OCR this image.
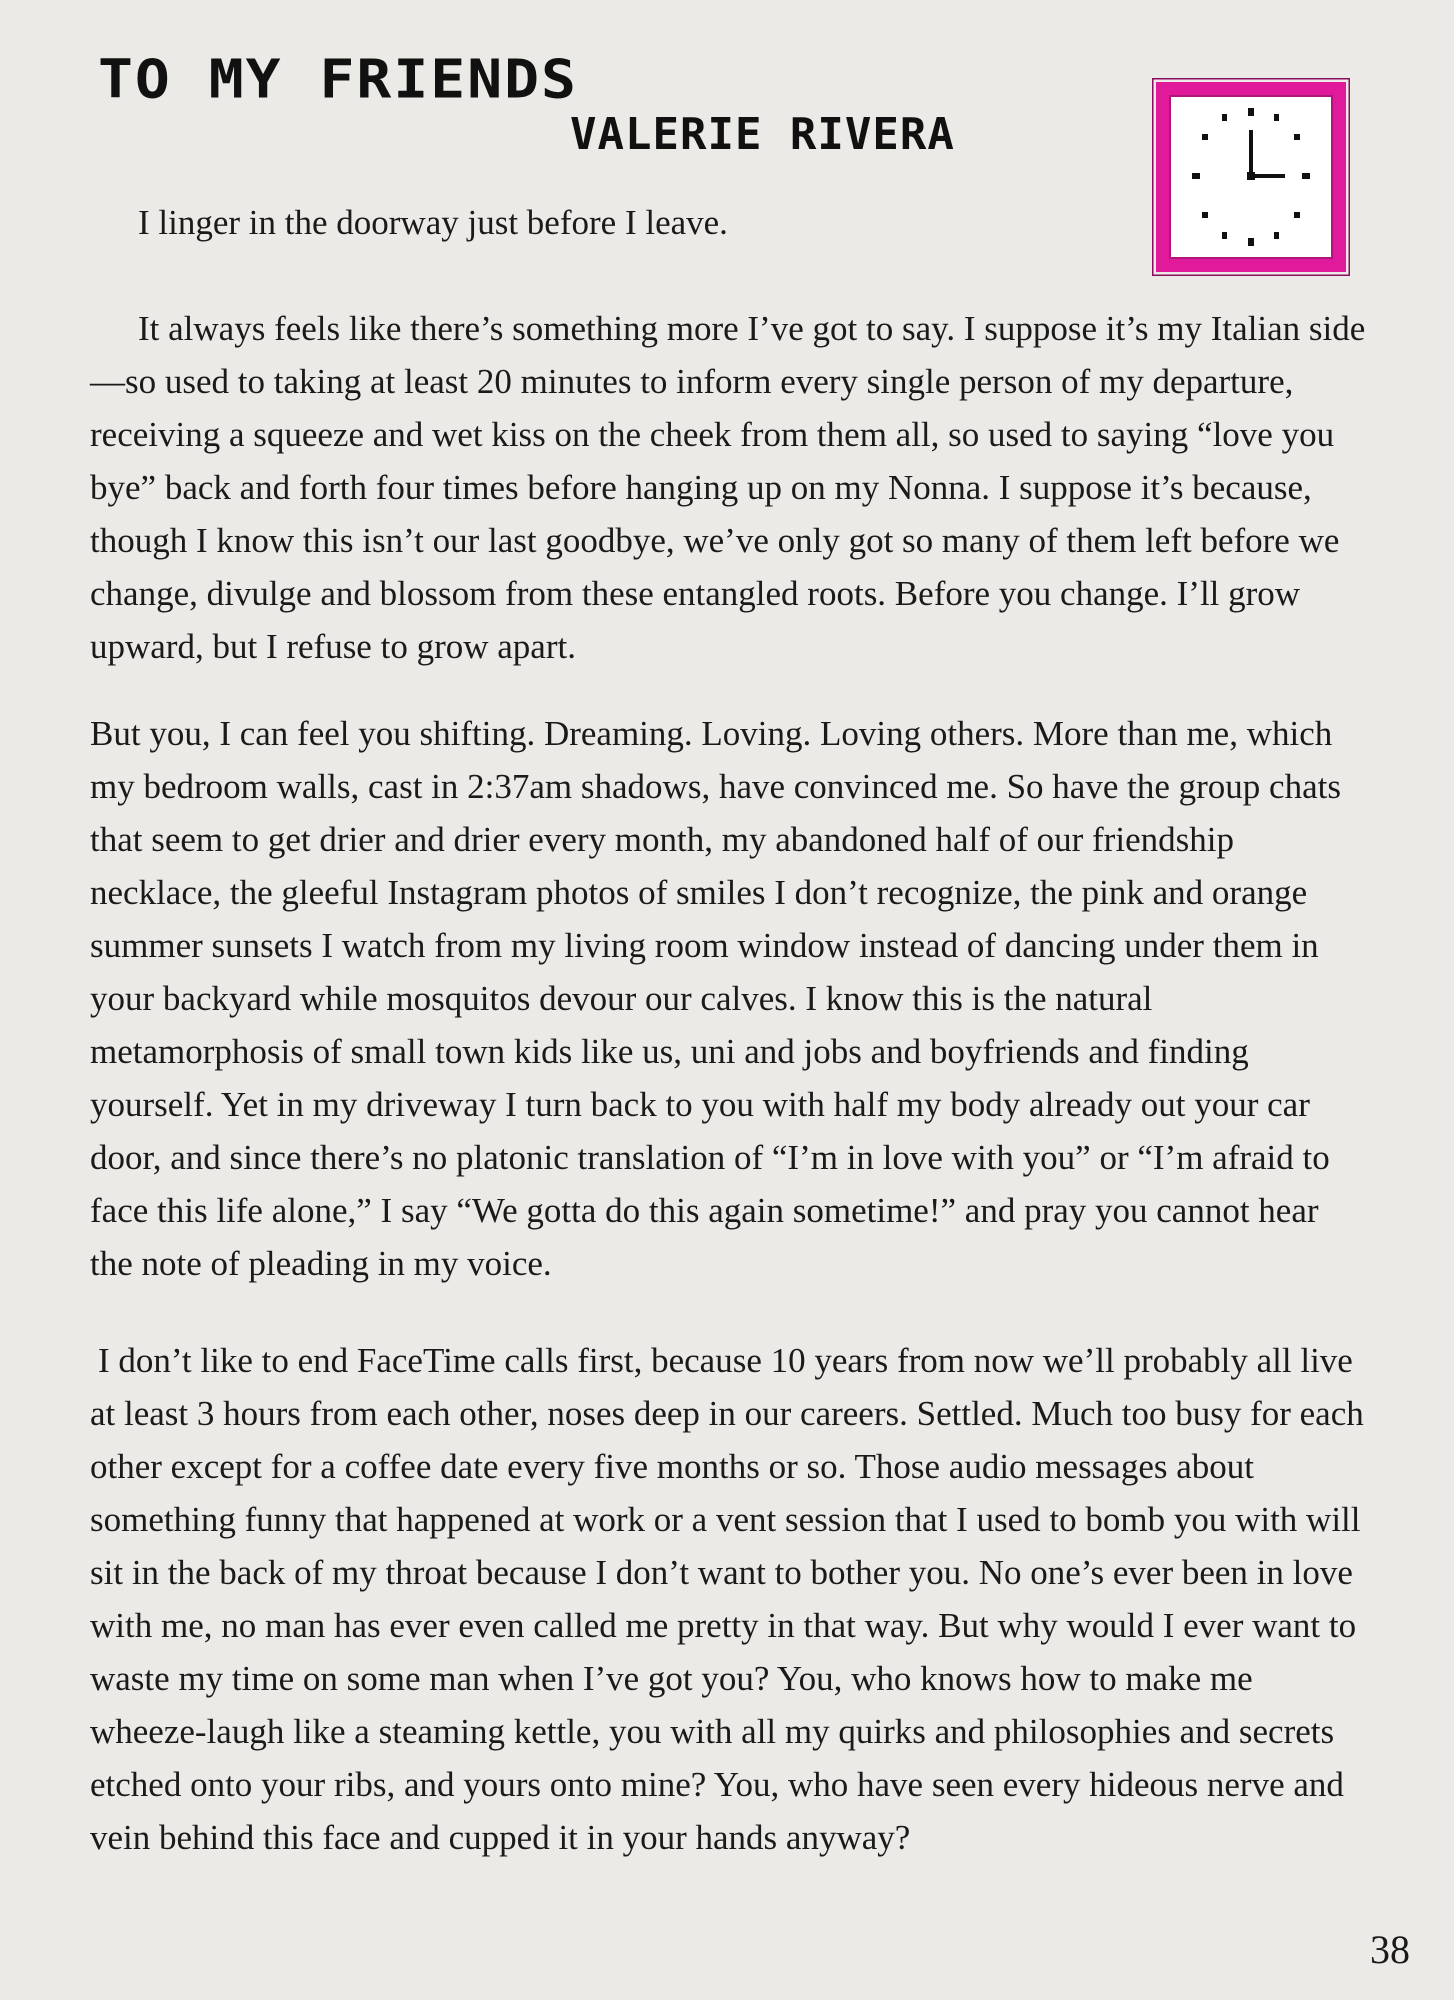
TO MY FRIENDS
VALERIE RIVERA

I linger in the doorway just before I leave.

It always feels like there’s something more I’ve got to say. I suppose it’s my Italian side—so used to taking at least 20 minutes to inform every single person of my departure, receiving a squeeze and wet kiss on the cheek from them all, so used to saying “love you bye” back and forth four times before hanging up on my Nonna. I suppose it’s because, though I know this isn’t our last goodbye, we’ve only got so many of them left before we change, divulge and blossom from these entangled roots. Before you change. I’ll grow upward, but I refuse to grow apart.

But you, I can feel you shifting. Dreaming. Loving. Loving others. More than me, which my bedroom walls, cast in 2:37am shadows, have convinced me. So have the group chats that seem to get drier and drier every month, my abandoned half of our friendship necklace, the gleeful Instagram photos of smiles I don’t recognize, the pink and orange summer sunsets I watch from my living room window instead of dancing under them in your backyard while mosquitos devour our calves. I know this is the natural metamorphosis of small town kids like us, uni and jobs and boyfriends and finding yourself. Yet in my driveway I turn back to you with half my body already out your car door, and since there’s no platonic translation of “I’m in love with you” or “I’m afraid to face this life alone,” I say “We gotta do this again sometime!” and pray you cannot hear the note of pleading in my voice.

I don’t like to end FaceTime calls first, because 10 years from now we’ll probably all live at least 3 hours from each other, noses deep in our careers. Settled. Much too busy for each other except for a coffee date every five months or so. Those audio messages about something funny that happened at work or a vent session that I used to bomb you with will sit in the back of my throat because I don’t want to bother you. No one’s ever been in love with me, no man has ever even called me pretty in that way. But why would I ever want to waste my time on some man when I’ve got you? You, who knows how to make me wheeze-laugh like a steaming kettle, you with all my quirks and philosophies and secrets etched onto your ribs, and yours onto mine? You, who have seen every hideous nerve and vein behind this face and cupped it in your hands anyway?

38
